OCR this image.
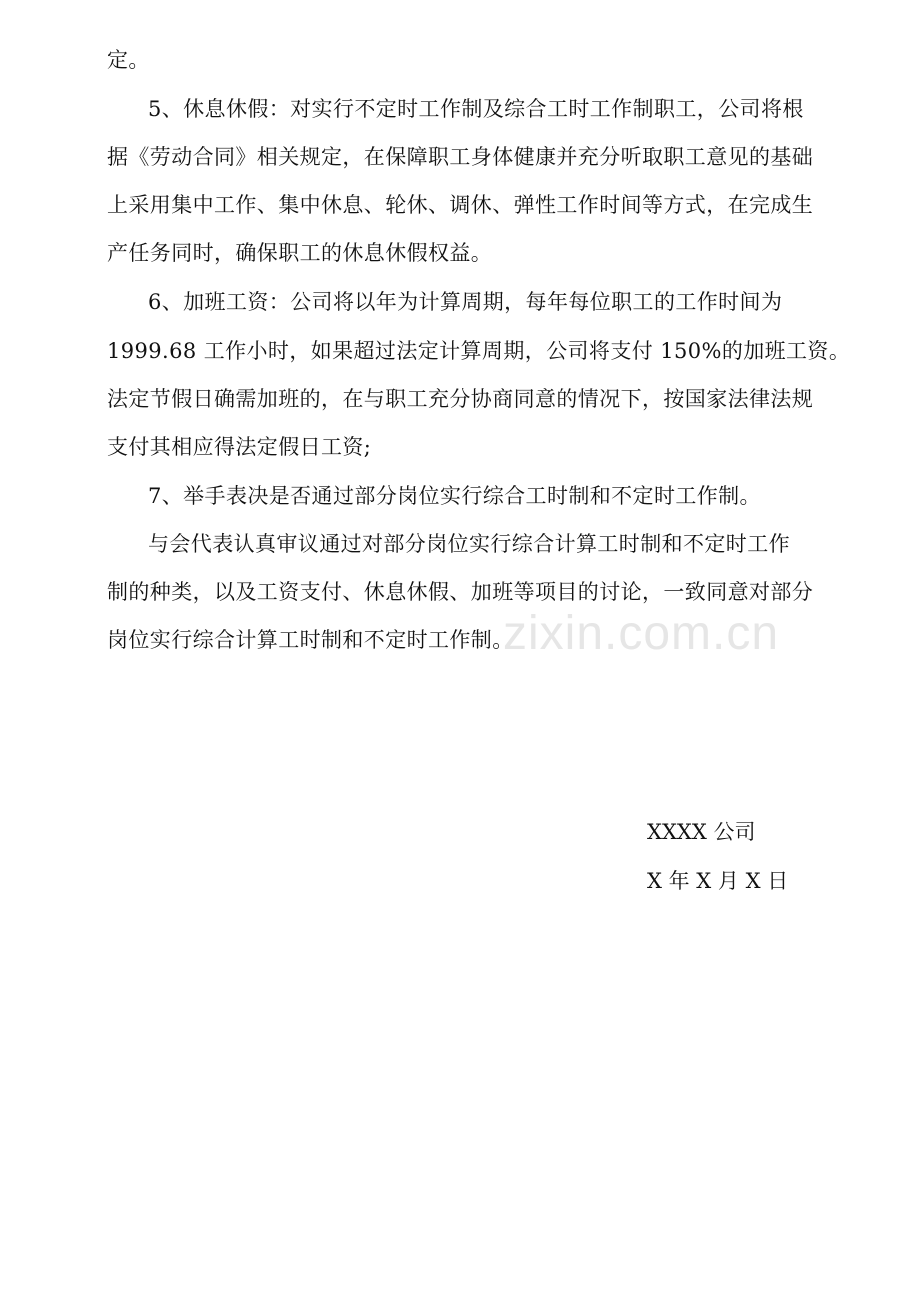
定。
5、休息休假：对实行不定时工作制及综合工时工作制职工，公司将根
据《劳动合同》相关规定，在保障职工身体健康并充分听取职工意见的基础
上采用集中工作、集中休息、轮休、调休、弹性工作时间等方式，在完成生
产任务同时，确保职工的休息休假权益。
6、加班工资：公司将以年为计算周期，每年每位职工的工作时间为
1999.68 工作小时，如果超过法定计算周期，公司将支付 150%的加班工资。
法定节假日确需加班的，在与职工充分协商同意的情况下，按国家法律法规
支付其相应得法定假日工资;
7、举手表决是否通过部分岗位实行综合工时制和不定时工作制。
与会代表认真审议通过对部分岗位实行综合计算工时制和不定时工作
制的种类，以及工资支付、休息休假、加班等项目的讨论，一致同意对部分
岗位实行综合计算工时制和不定时工作制。
zixin.com.cn
XXXX 公司
X 年 X 月 X 日
